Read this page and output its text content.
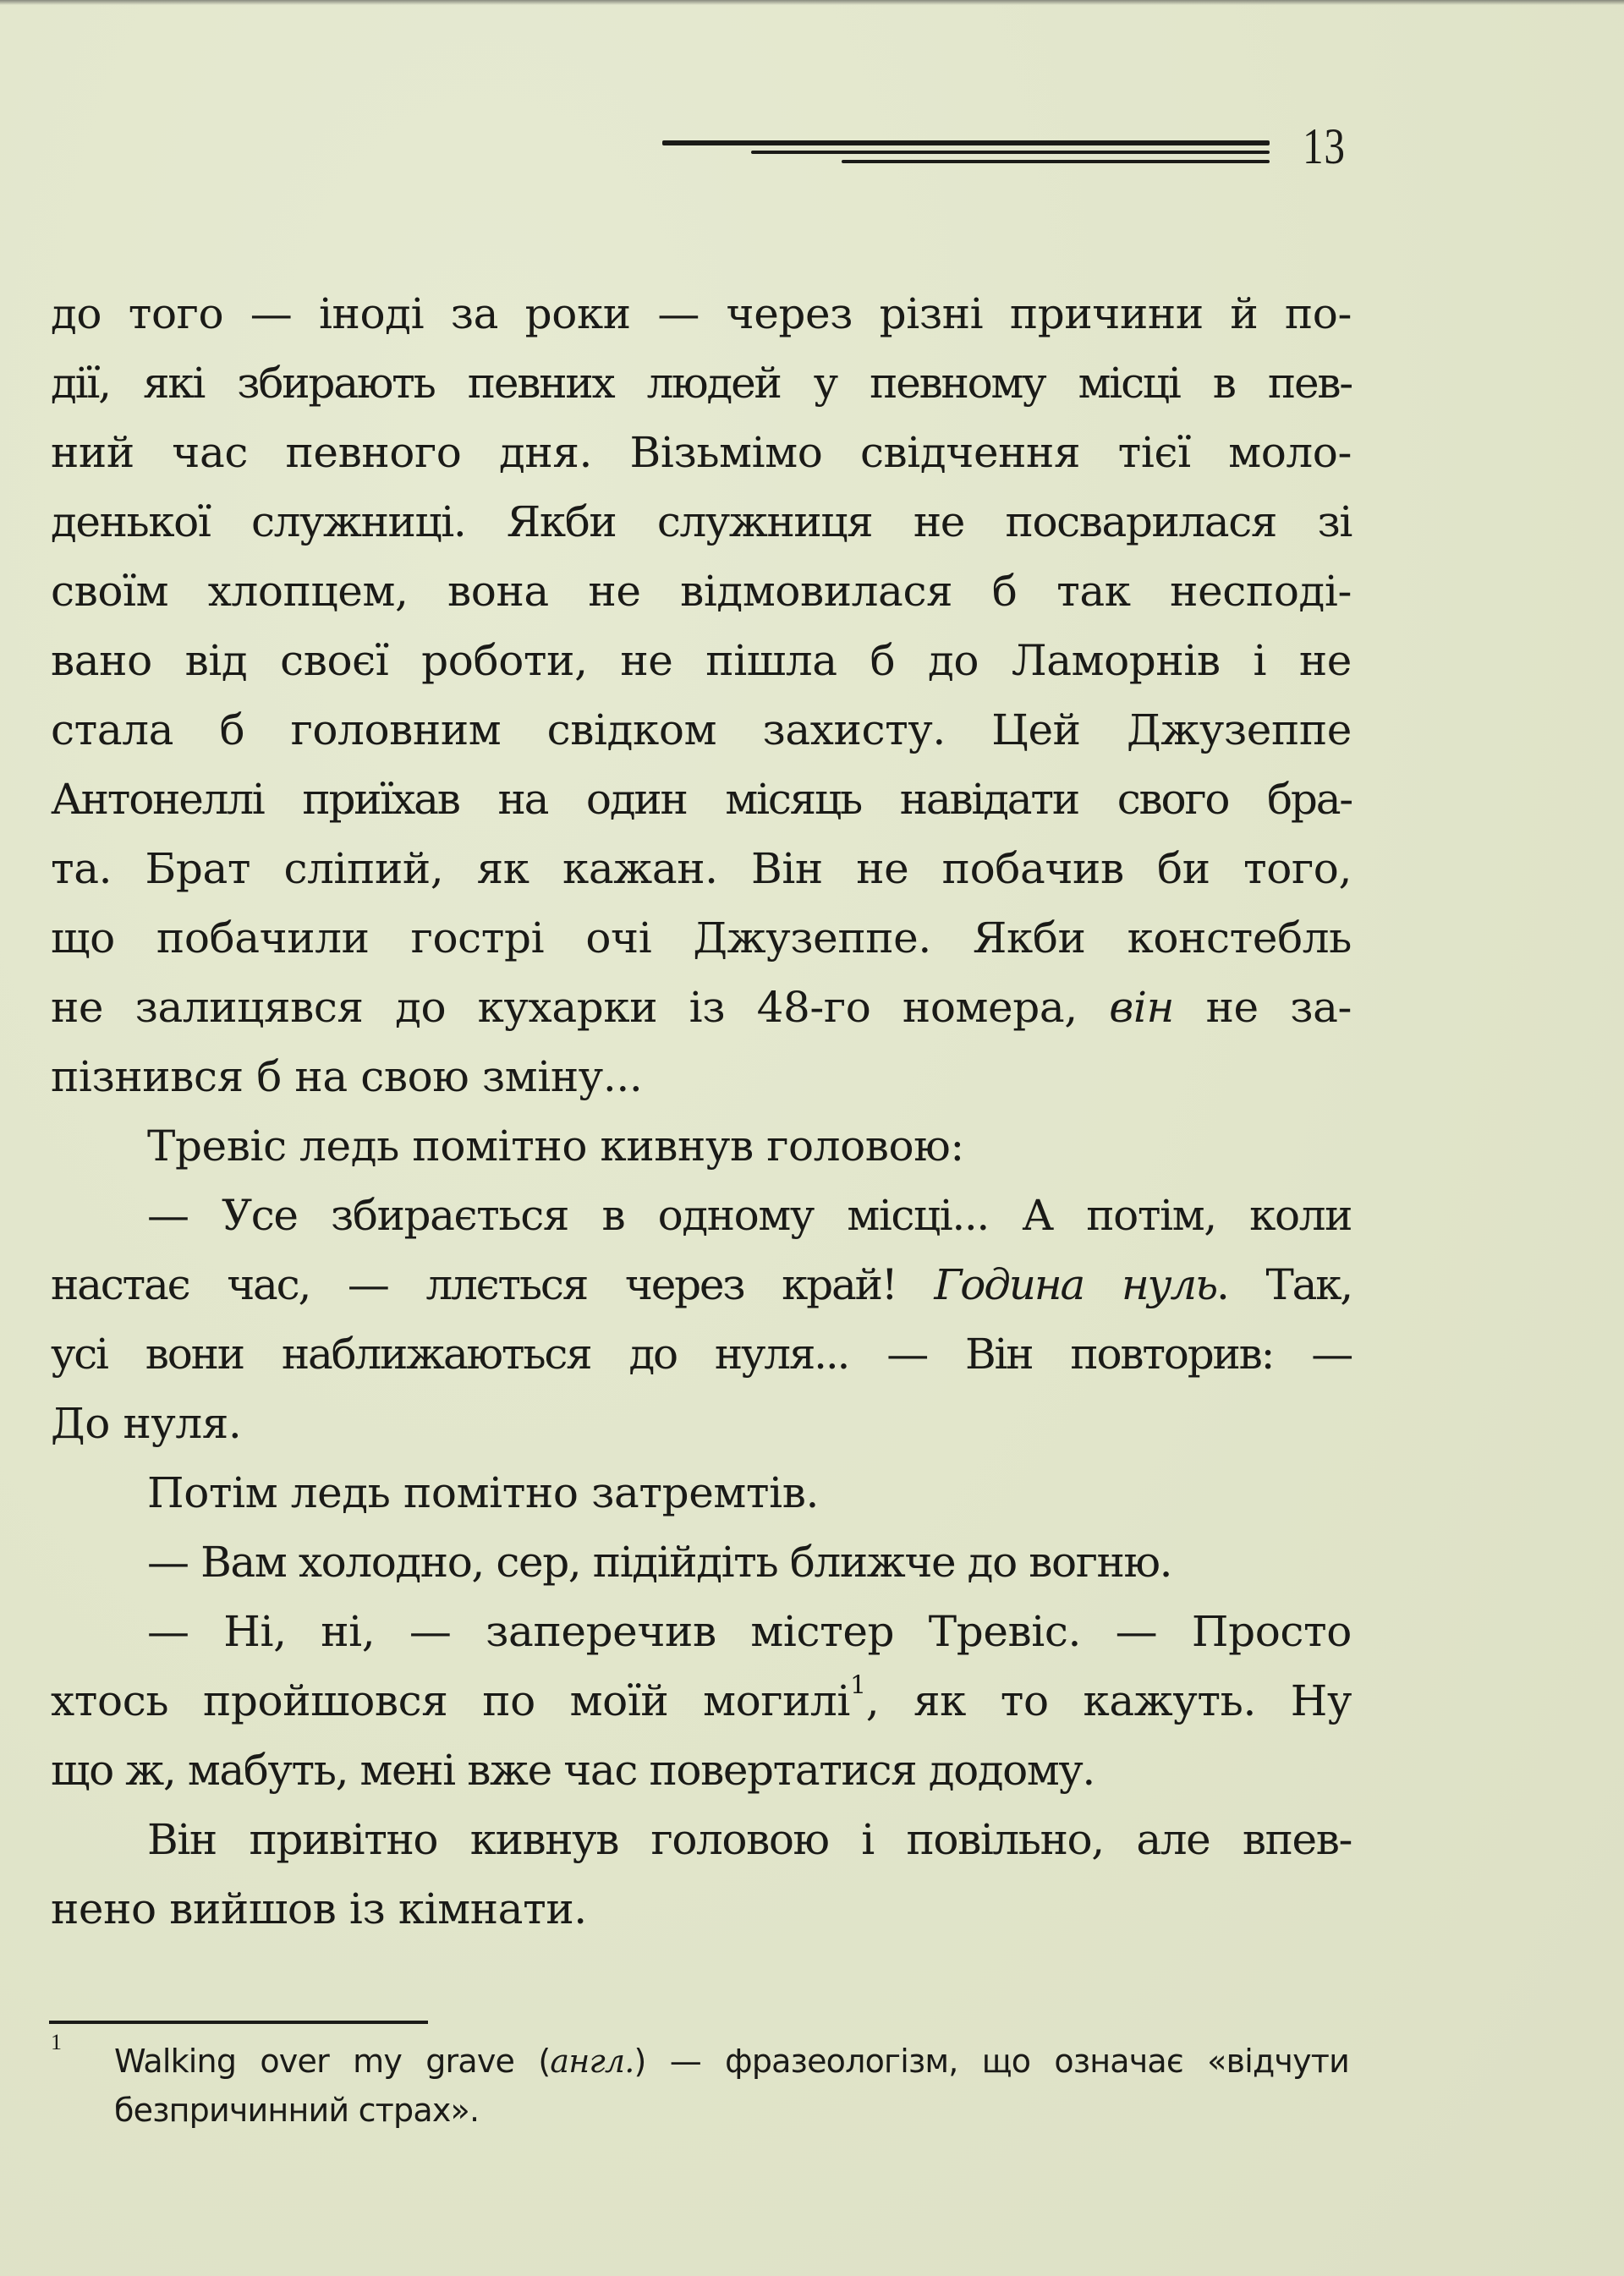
13
до того — іноді за роки — через різні причини й по-
дії, які збирають певних людей у певному місці в пев-
ний час певного дня. Візьмімо свідчення тієї моло-
денької служниці. Якби служниця не посварилася зі
своїм хлопцем, вона не відмовилася б так несподі-
вано від своєї роботи, не пішла б до Ламорнів і не
стала б головним свідком захисту. Цей Джузеппе
Антонеллі приїхав на один місяць навідати свого бра-
та. Брат сліпий, як кажан. Він не побачив би того,
що побачили гострі очі Джузеппе. Якби констебль
не залицявся до кухарки із 48-го номера, він не за-
пізнився б на свою зміну...
Тревіс ледь помітно кивнув головою:
— Усе збирається в одному місці... А потім, коли
настає час, — ллється через край! Година нуль. Так,
усі вони наближаються до нуля... — Він повторив: —
До нуля.
Потім ледь помітно затремтів.
— Вам холодно, сер, підійдіть ближче до вогню.
— Ні, ні, — заперечив містер Тревіс. — Просто
хтось пройшовся по моїй могилі$^1$, як то кажуть. Ну
що ж, мабуть, мені вже час повертатися додому.
Він привітно кивнув головою і повільно, але впев-
нено вийшов із кімнати.
1
Walking over my grave (англ.) — фразеологізм, що означає «відчути
безпричинний страх».
